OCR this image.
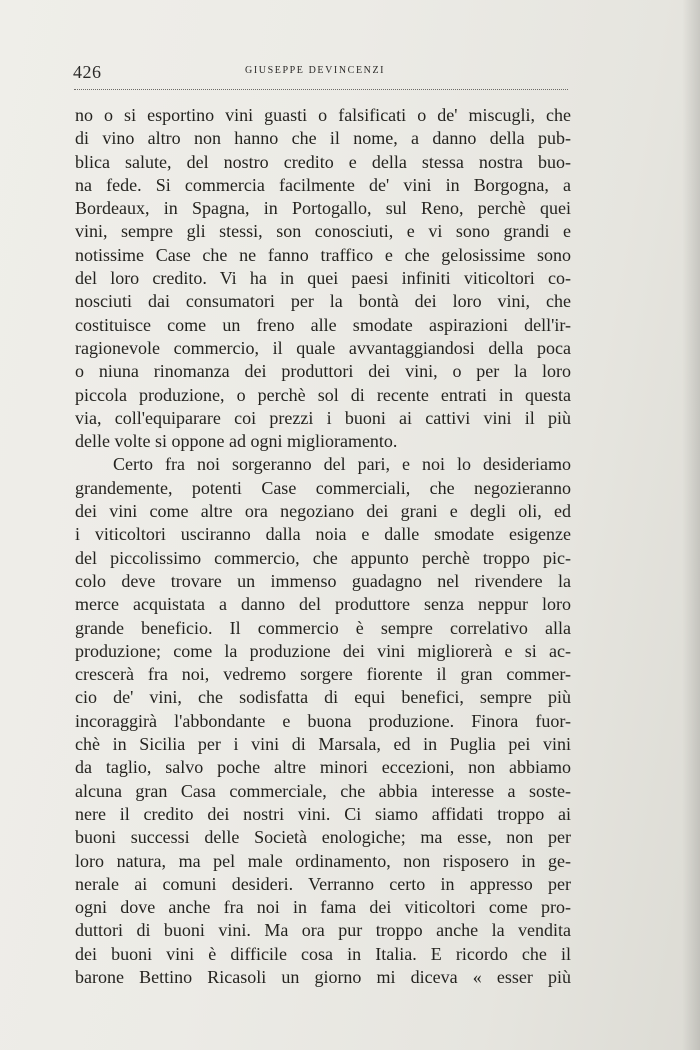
426	GIUSEPPE DEVINCENZI
no o si esportino vini guasti o falsificati o de' miscugli, che
di vino altro non hanno che il nome, a danno della pub-
blica salute, del nostro credito e della stessa nostra buo-
na fede. Si commercia facilmente de' vini in Borgogna, a
Bordeaux, in Spagna, in Portogallo, sul Reno, perchè quei
vini, sempre gli stessi, son conosciuti, e vi sono grandi e
notissime Case che ne fanno traffico e che gelosissime sono
del loro credito. Vi ha in quei paesi infiniti viticoltori co-
nosciuti dai consumatori per la bontà dei loro vini, che
costituisce come un freno alle smodate aspirazioni dell'ir-
ragionevole commercio, il quale avvantaggiandosi della poca
o niuna rinomanza dei produttori dei vini, o per la loro
piccola produzione, o perchè sol di recente entrati in questa
via, coll'equiparare coi prezzi i buoni ai cattivi vini il più
delle volte si oppone ad ogni miglioramento.
Certo fra noi sorgeranno del pari, e noi lo desideriamo
grandemente, potenti Case commerciali, che negozieranno
dei vini come altre ora negoziano dei grani e degli oli, ed
i viticoltori usciranno dalla noia e dalle smodate esigenze
del piccolissimo commercio, che appunto perchè troppo pic-
colo deve trovare un immenso guadagno nel rivendere la
merce acquistata a danno del produttore senza neppur loro
grande beneficio. Il commercio è sempre correlativo alla
produzione; come la produzione dei vini migliorerà e si ac-
crescerà fra noi, vedremo sorgere fiorente il gran commer-
cio de' vini, che sodisfatta di equi benefici, sempre più
incoraggirà l'abbondante e buona produzione. Finora fuor-
chè in Sicilia per i vini di Marsala, ed in Puglia pei vini
da taglio, salvo poche altre minori eccezioni, non abbiamo
alcuna gran Casa commerciale, che abbia interesse a soste-
nere il credito dei nostri vini. Ci siamo affidati troppo ai
buoni successi delle Società enologiche; ma esse, non per
loro natura, ma pel male ordinamento, non risposero in ge-
nerale ai comuni desideri. Verranno certo in appresso per
ogni dove anche fra noi in fama dei viticoltori come pro-
duttori di buoni vini. Ma ora pur troppo anche la vendita
dei buoni vini è difficile cosa in Italia. E ricordo che il
barone Bettino Ricasoli un giorno mi diceva « esser più
